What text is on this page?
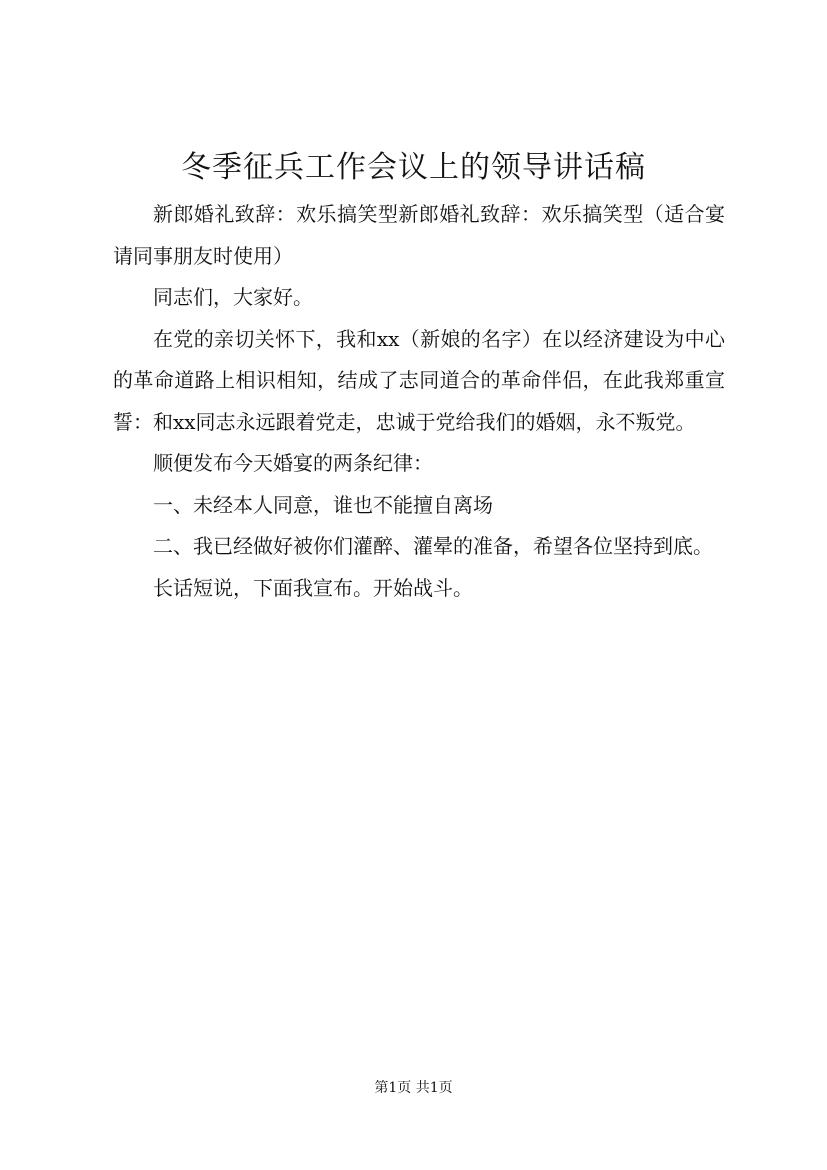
冬季征兵工作会议上的领导讲话稿

新郎婚礼致辞：欢乐搞笑型新郎婚礼致辞：欢乐搞笑型（适合宴请同事朋友时使用）

同志们，大家好。

在党的亲切关怀下，我和xx（新娘的名字）在以经济建设为中心的革命道路上相识相知，结成了志同道合的革命伴侣，在此我郑重宣誓：和xx同志永远跟着党走，忠诚于党给我们的婚姻，永不叛党。

顺便发布今天婚宴的两条纪律：

一、未经本人同意，谁也不能擅自离场

二、我已经做好被你们灌醉、灌晕的准备，希望各位坚持到底。

长话短说，下面我宣布。开始战斗。

第1页 共1页
